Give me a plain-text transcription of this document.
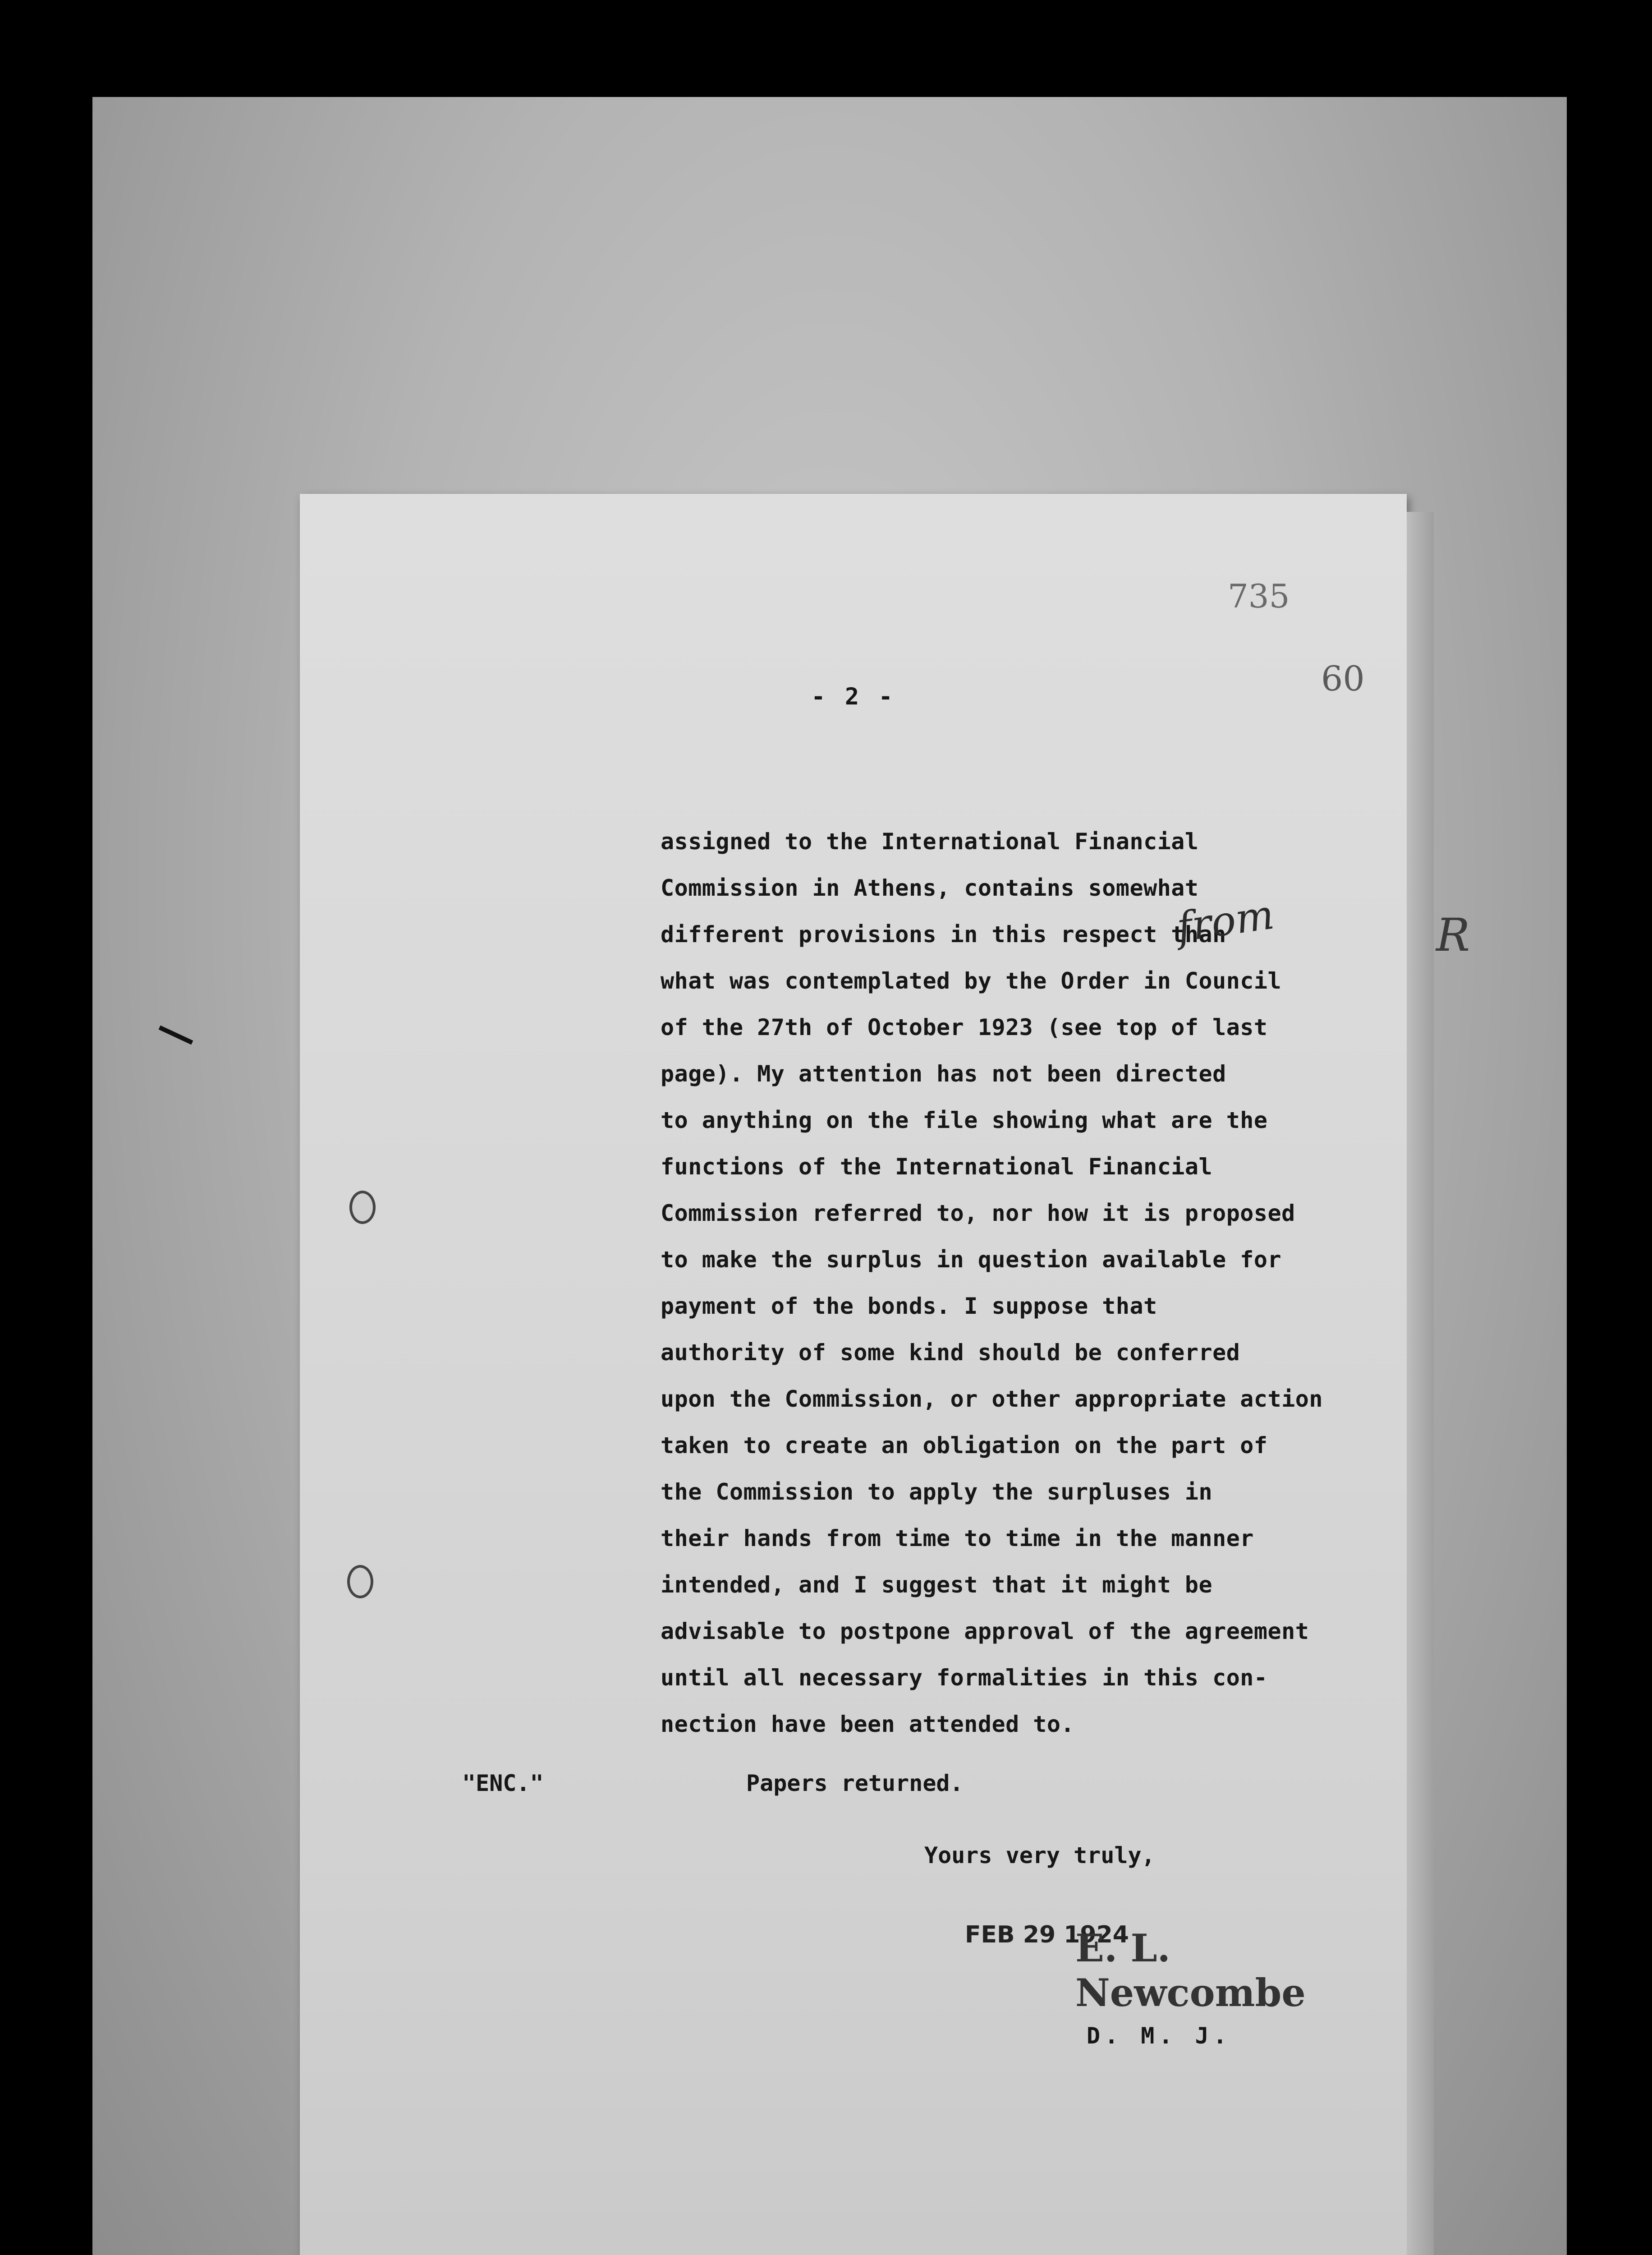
735
60
- 2 -
assigned to the International Financial
Commission in Athens, contains somewhat
different provisions in this respect than
what was contemplated by the Order in Council
of the 27th of October 1923 (see top of last
page). My attention has not been directed
to anything on the file showing what are the
functions of the International Financial
Commission referred to, nor how it is proposed
to make the surplus in question available for
payment of the bonds. I suppose that
authority of some kind should be conferred
upon the Commission, or other appropriate action
taken to create an obligation on the part of
the Commission to apply the surpluses in
their hands from time to time in the manner
intended, and I suggest that it might be
advisable to postpone approval of the agreement
until all necessary formalities in this con-
nection have been attended to.
from	R
"ENC."	Papers returned.
Yours very truly,
FEB 29 1924
E. L. Newcombe
D. M. J.
